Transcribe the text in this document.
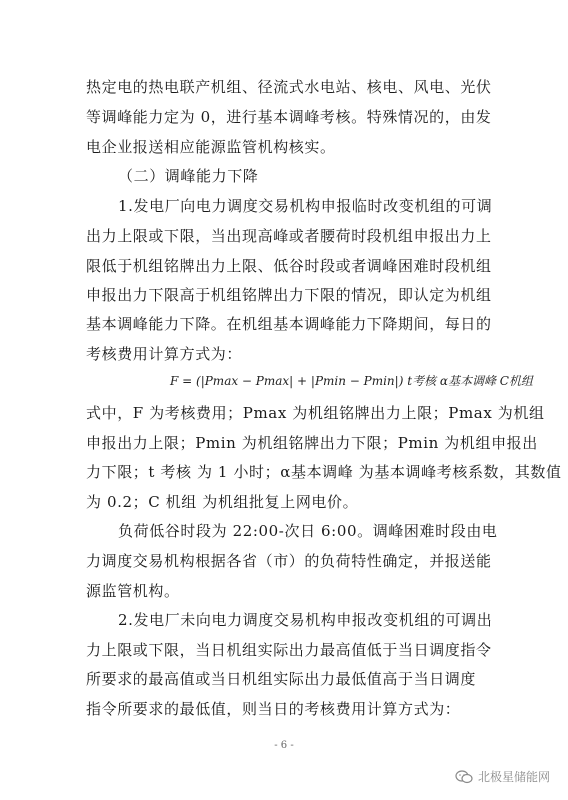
热定电的热电联产机组、径流式水电站、核电、风电、光伏
等调峰能力定为 0，进行基本调峰考核。特殊情况的，由发
电企业报送相应能源监管机构核实。
（二）调峰能力下降
1.发电厂向电力调度交易机构申报临时改变机组的可调
出力上限或下限，当出现高峰或者腰荷时段机组申报出力上
限低于机组铭牌出力上限、低谷时段或者调峰困难时段机组
申报出力下限高于机组铭牌出力下限的情况，即认定为机组
基本调峰能力下降。在机组基本调峰能力下降期间，每日的
考核费用计算方式为：
F = (|Pmax − Pmax| + |Pmin − Pmin|) t考核 α基本调峰 C机组
式中，F 为考核费用；Pmax 为机组铭牌出力上限；Pmax 为机组
申报出力上限；Pmin 为机组铭牌出力下限；Pmin 为机组申报出
力下限；t 考核 为 1 小时；α基本调峰 为基本调峰考核系数，其数值
为 0.2；C 机组 为机组批复上网电价。
负荷低谷时段为 22:00-次日 6:00。调峰困难时段由电
力调度交易机构根据各省（市）的负荷特性确定，并报送能
源监管机构。
2.发电厂未向电力调度交易机构申报改变机组的可调出
力上限或下限，当日机组实际出力最高值低于当日调度指令
所要求的最高值或当日机组实际出力最低值高于当日调度
指令所要求的最低值，则当日的考核费用计算方式为：
- 6 -
北极星储能网
